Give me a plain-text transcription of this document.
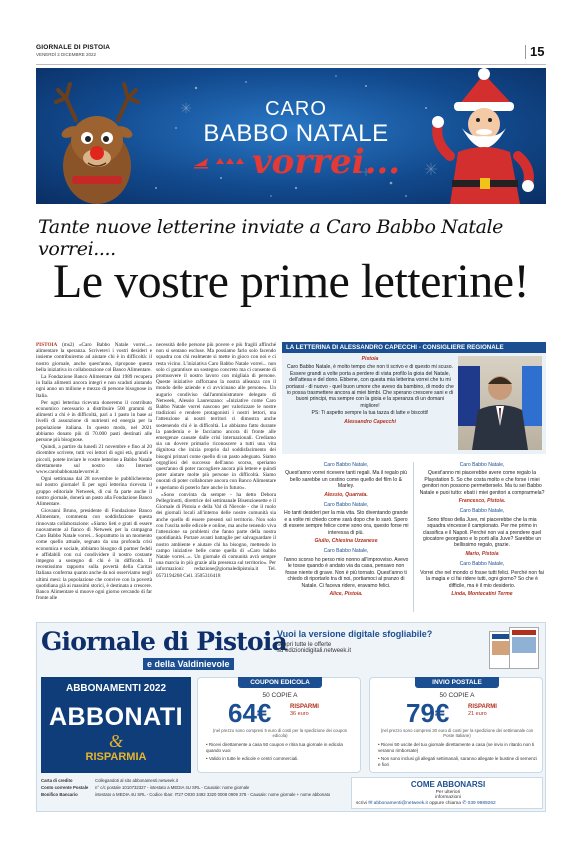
GIORNALE DI PISTOIA
VENERDÌ 2 DICEMBRE 2022	15
CARO
BABBO NATALE
vorrei...
Tante nuove letterine inviate a Caro Babbo Natale vorrei....
Le vostre prime letterine!

PISTOIA (ms2) «Caro Babbo Natale vorrei...» alimentare la speranza. Scrivetevi i vostri desideri e insieme contribuiremo ad aiutare chi è in difficoltà: il nostro giornale, anche quest'anno, ripropone questa bella iniziativa in collaborazione col Banco Alimentare.

La Fondazione Banco Alimentare dal 1989 recupera in Italia alimenti ancora integri e non scaduti aiutando ogni anno un milione e mezzo di persone bisognose in Italia.

Per ogni letterina ricevuta doneremo il contributo economico necessario a distribuire 500 grammi di alimenti a chi è in difficoltà, pari a 1 pasto in base ai livelli di assunzione di nutrienti ed energia per la popolazione italiana. In questo modo, nel 2021 abbiamo donato più di 70.000 pasti destinati alle persone più bisognose.

Quindi, a partire da lunedì 21 novembre e fino al 20 dicembre scrivete, tutti voi lettori di ogni età, grandi e piccoli, potete inviare le vostre letterine a Babbo Natale direttamente sul nostro sito Internet www.carobabbonatalevorrei.it

Ogni settimana dal 28 novembre le pubblicheremo sul nostro giornale! E per ogni letterina ricevuta il gruppo editoriale Netweek, di cui fa parte anche il nostro giornale, donerà un pasto alla Fondazione Banco Alimentare.

Giovanni Bruno, presidente di Fondazione Banco Alimentare, commenta con soddisfazione questa rinnovata collaborazione: «Siamo lieti e grati di essere nuovamente al fianco di Netweek per la campagna Caro Babbo Natale vorrei... Soprattutto in un momento come quello attuale, segnato da una profonda crisi economica e sociale, abbiamo bisogno di partner fedeli e affidabili con cui condividere il nostro costante impegno a sostegno di chi è in difficoltà. Il recentissimo rapporto sulla povertà della Caritas Italiana conferma quanto anche da noi osserviamo negli ultimi mesi: la popolazione che convive con la povertà quotidiana già ai massimi storici, è destinata a crescere. Banco Alimentare si muove ogni giorno cercando di far fronte alle

necessità delle persone più povere e più fragili affinché non si sentano escluse. Ma possiamo farlo solo facendo squadra con chi realmente si mette in gioco con noi e ci resta vicino. L'iniziativa Caro Babbo Natale vorrei... non solo ci garantisce un sostegno concreto ma ci consente di promuovere il nostro lavoro con migliaia di persone. Queste iniziative rafforzano la nostra alleanza con il mondo delle aziende e ci avvicinano alle persone». Un augurio condiviso dall'amministratore delegato di Netweek, Alessio Laurenzano: «Iniziative come Caro Babbo Natale vorrei nascono per valorizzare le nostre tradizioni e rendere protagonisti i nostri lettori, ma l'attenzione ai nostri territori ci dimostra anche sostenendo chi è in difficoltà. Lo abbiamo fatto durante la pandemia e le facciamo ancora di fronte alle emergenze causate dalle crisi internazionali. Crediamo sia un dovere primario riconoscere a tutti una vita dignitosa che inizia proprio dal soddisfacimento dei bisogni primari come quello di un pasto adeguato. Siamo orgogliosi del successo dell'anno scorso, speriamo quest'anno di poter raccogliere ancora più lettere e quindi poter aiutare molte più persone in difficoltà. Siamo onorati di poter collaborare ancora con Banco Alimentare e speriamo di poterlo fare anche in futuro».

«Sono convinta da sempre - ha detto Debora Pellegrinotti, direttrice del settimanale Bisenzioesette e il Giornale di Pistoia e della Val di Nievole - che il ruolo dei giornali locali all'interno delle nostre comunità sia anche quello di essere presenti sul territorio. Non solo con l'uscita nelle edicole e online, ma anche tenendo viva l'attenzione su problemi che fanno parte della nostra quotidianità. Portare avanti battaglie per salvaguardare il nostro ambiente e aiutare chi ha bisogno, mettendo in campo iniziative belle come quella di «Caro babbo Natale vorrei...». Un giornale di comunità avrà sempre una marcia in più grazie alla presenza sul territorio». Per informazioni: redazione@giornaledipistoia.it Tel. 0573194268 Cell. 3505316418

LA LETTERINA DI ALESSANDRO CAPECCHI - CONSIGLIERE REGIONALE
Pistoia
Caro Babbo Natale, è molto tempo che non ti scrivo e di questo mi scuso. Essere grandi a volte porta a perdere di vista profilo la gioia del Natale, dell'attesa e del dono. Ebbene, con questa mia letterina vorrei che tu mi portassi - di nuovo - quel buon umore che avevo da bambino, di modo che io possa trasmettere ancora ai miei bimbi. Che sperano crescere sani e di buoni principi, ma sempre con la gioia e la speranza di un domani migliore!
PS: Ti aspetto sempre la tua tazza di latte e biscotti!
Alessandro Capecchi
Caro Babbo Natale,
Quest'anno vorrei ricevere tanti regali. Ma il regalo più bello sarebbe un cestino come quello del film Io & Marley.
Alessio, Quarrata.
Caro Babbo Natale,
Ho tanti desideri per la mia vita. Sto diventando grande e a volte mi chiedo come sarà dopo che lo sarò. Spero di essere sempre felice come sono ora, questo forse mi interessa di più.
Giulio, Chiesina Uzzanese
Caro Babbo Natale,
l'anno scorso ho perso mio nonno all'improvviso. Avevo le tosse quando è andato via da casa, pensavo non fosse niente di grave. Non è più tornato. Quest'anno ti chiedo di riportarlo tra di noi, portiamoci al pranzo di Natale. Ci faceva ridere, eravamo felici.
Alice, Pistoia.
Caro Babbo Natale,
Quest'anno mi piacerebbe avere come regalo la Playstation 5. So che costa molto e che forse i miei genitori non possono permetterselo. Ma tu sei Babbo Natale e puoi tutto: ebati i miei genitori a comprarmela?
Francesco, Pistoia.
Caro Babbo Natale,
Sono tifoso della Juve, mi piacerebbe che la mia squadra vincesse il campionato. Per me primo in classifica e il Napoli. Perché non vai a prendere quel giocatore georgiano e lo porti alla Juve? Sarebbe un bellissimo regalo, grazie.
Mario, Pistoia
Caro Babbo Natale,
Vorrei che nel mondo ci fosse tutti felici. Perché non fai la magia e ci fai ridere tutti, ogni giorno? So che è difficile, ma è il mio desiderio.
Linda, Montecatini Terme
Giornale di Pistoia
e della Valdinievole
Vuoi la versione digitale sfogliabile?
scopri tutte le offerte
su edizionidigitali.netweek.it
ABBONAMENTI 2022
ABBONATI
&
RISPARMIA
COUPON EDICOLA
50 COPIE A
64€	RISPARMI
36 euro
(nel prezzo sono compresi 5 euro di costi per la spedizione dei coupon edicola)
• Ricevi direttamente a casa 50 coupon e ritira tua giornale in edicola quando vuoi
• Valido in tutte le edicole e centri commerciali.
INVIO POSTALE
50 COPIE A
79€	RISPARMI
21 euro
(nel prezzo sono compresi 30 euro di costi per la spedizione dei settimanale con Poste Italiane)
• Ricevi 50 uscite del tuo giornale direttamente a casa (se invio in ritardo non ti veranno rimborsate)
• Non sono inclusi gli allegati settimanali, saranno allegate le bustine di semenzi e fiori
Carta di credito	Collegandoti al sito abbonamenti.netweek.it
Conto corrente Postale	n° c/c postale 1010732327 - intestato a MEDIA 4U SRL - Causale: nome giornale
Bonifico Bancario	intestato a MEDIA 4U SRL - Codice Iban: IT27 O030 3492 3320 0008 0909 378 - Causale: nome giornale + nome abbonato
COME ABBONARSI
Per ulteriori
informazioni
scrivi ✉ abbonamenti@netweek.it oppure chiama ✆ 039 9989262
